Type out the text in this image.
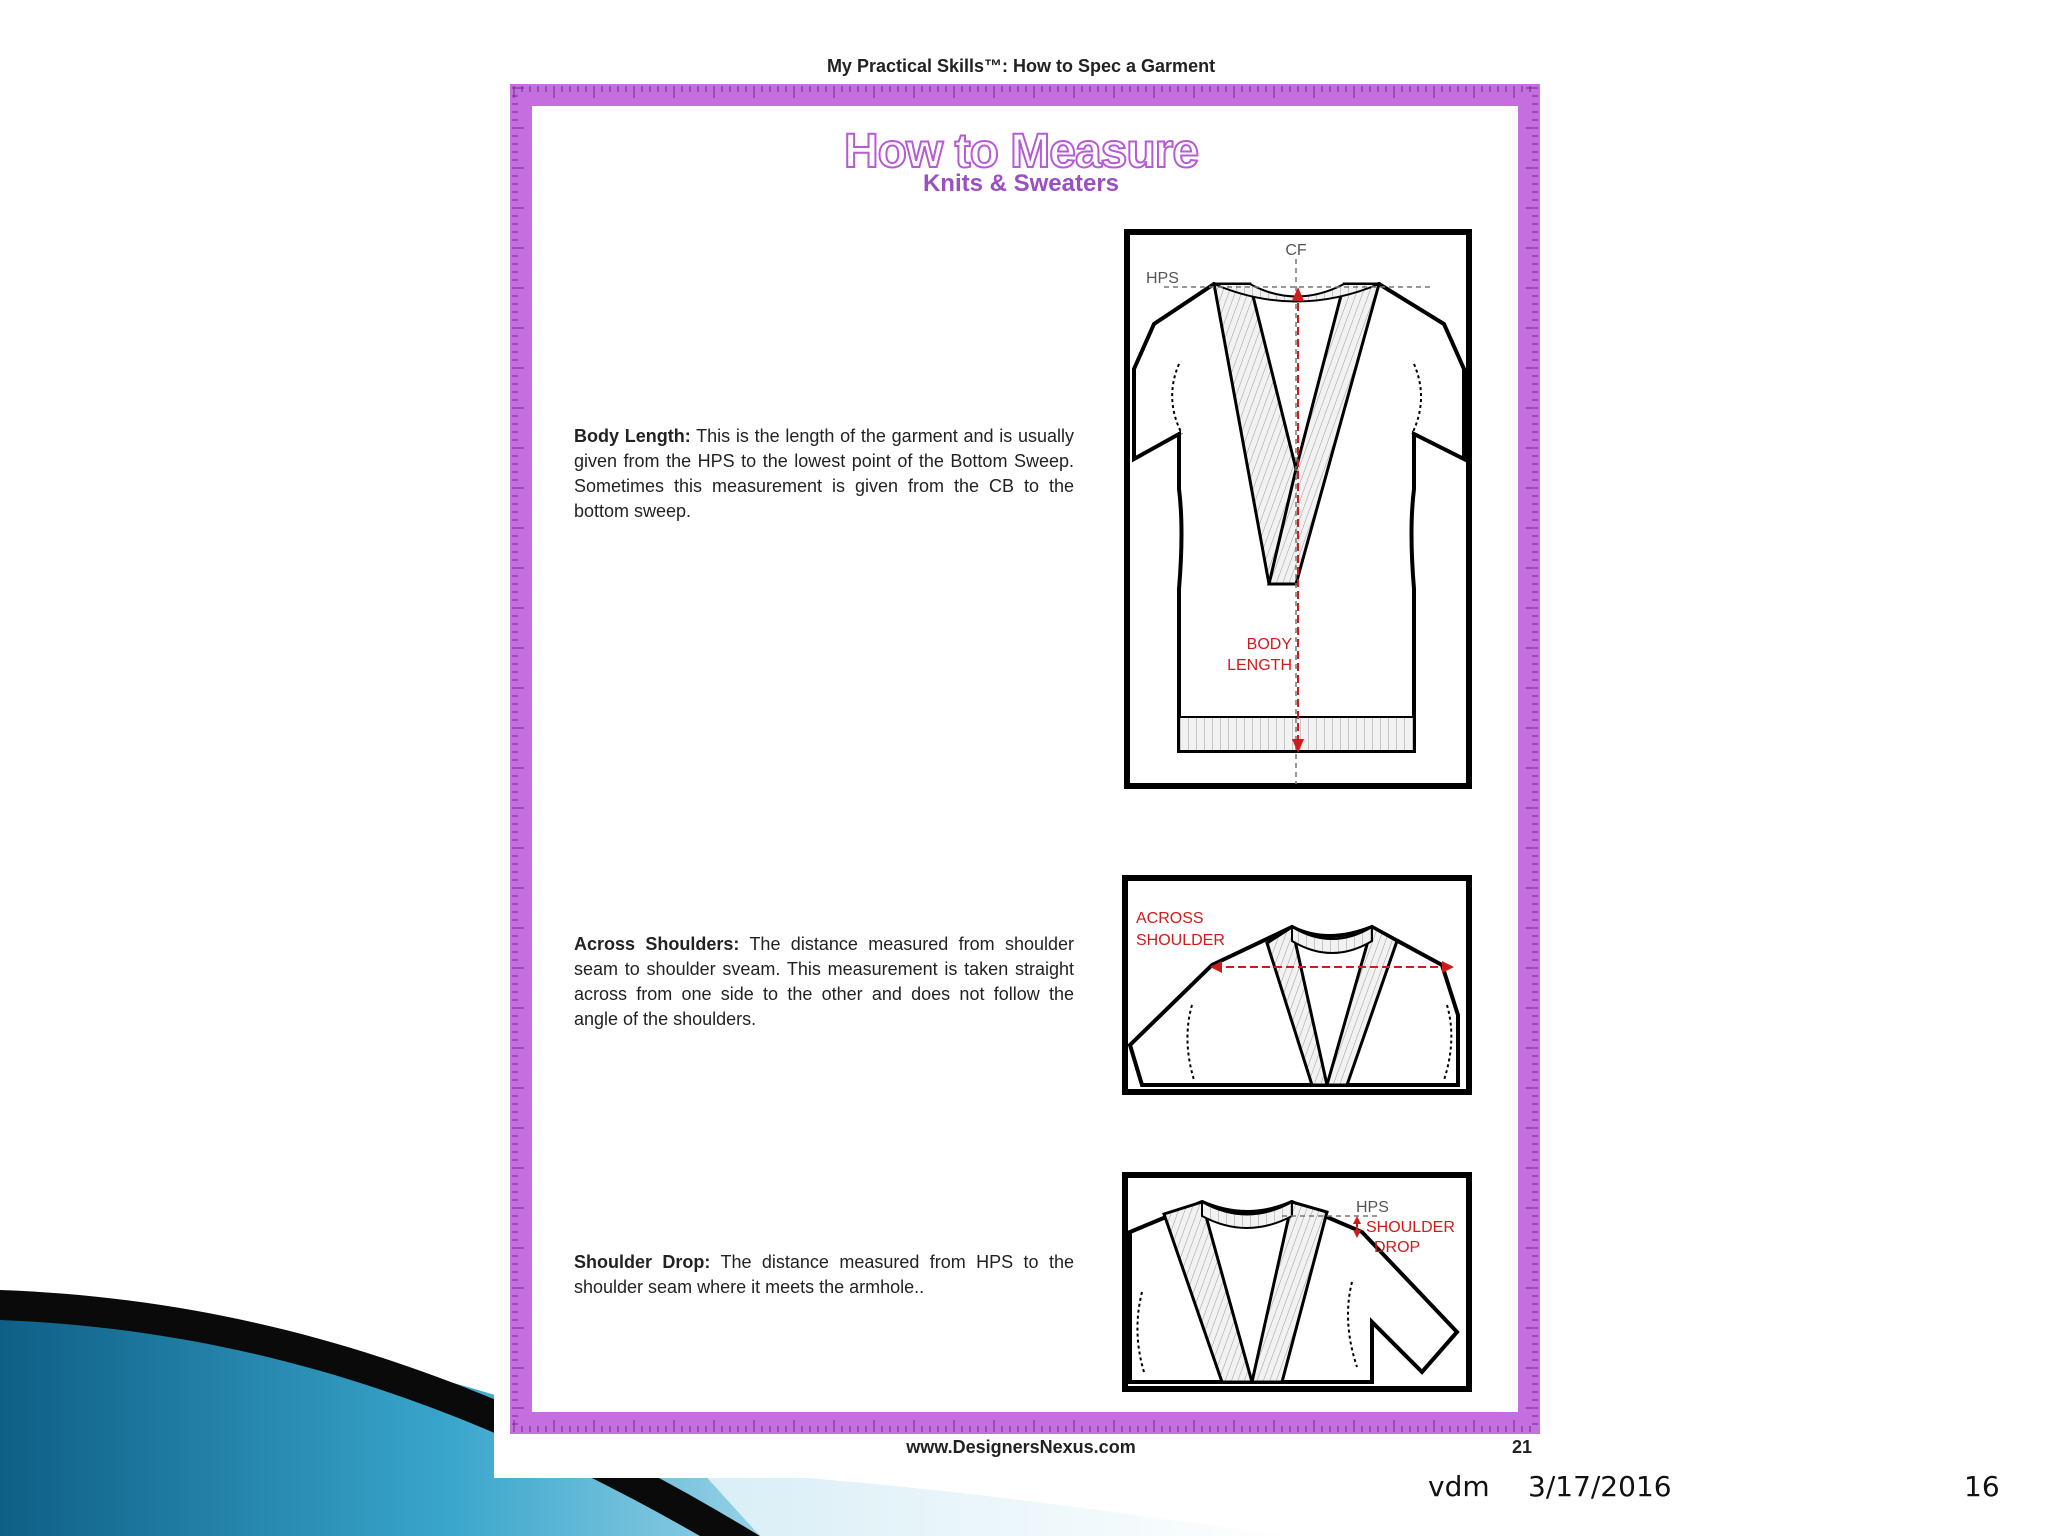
My Practical Skills™: How to Spec a Garment
How to Measure
Knits & Sweaters
Body Length: This is the length of the garment and is usually given from the HPS to the lowest point of the Bottom Sweep. Sometimes this measurement is given from the CB to the bottom sweep.
CF
HPS
BODY
LENGTH
Across Shoulders: The distance measured from shoulder seam to shoulder sveam. This measurement is taken straight across from one side to the other and does not follow the angle of the shoulders.
ACROSS
SHOULDER
Shoulder Drop: The distance measured from HPS to the shoulder seam where it meets the armhole..
HPS
SHOULDER
DROP
www.DesignersNexus.com	21
vdm 3/17/2016	16
